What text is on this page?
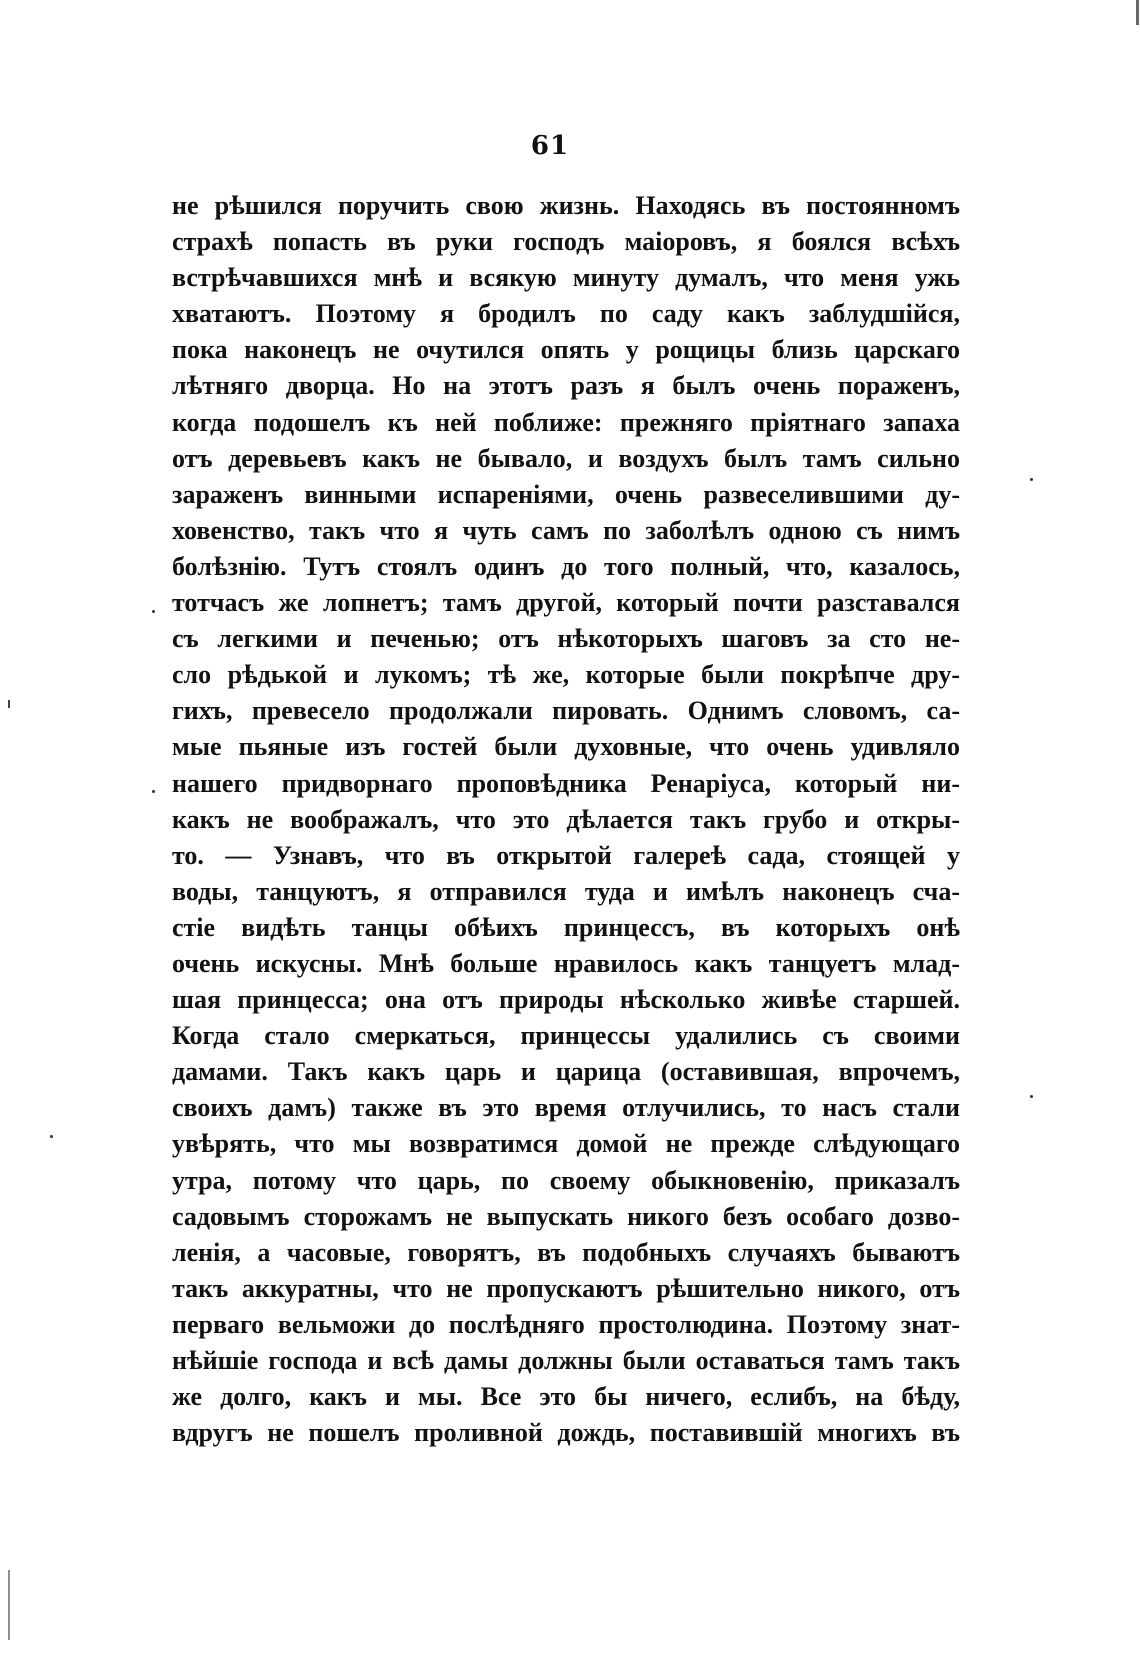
61
не рѣшился поручить свою жизнь. Находясь въ постоянномъ
страхѣ попасть въ руки господъ маіоровъ, я боялся всѣхъ
встрѣчавшихся мнѣ и всякую минуту думалъ, что меня ужь
хватаютъ. Поэтому я бродилъ по саду какъ заблудшійся,
пока наконецъ не очутился опять у рощицы близь царскаго
лѣтняго дворца. Но на этотъ разъ я былъ очень пораженъ,
когда подошелъ къ ней поближе: прежняго пріятнаго запаха
отъ деревьевъ какъ не бывало, и воздухъ былъ тамъ сильно
зараженъ винными испареніями, очень развеселившими ду-
ховенство, такъ что я чуть самъ по заболѣлъ одною съ нимъ
болѣзнію. Тутъ стоялъ одинъ до того полный, что, казалось,
тотчасъ же лопнетъ; тамъ другой, который почти разставался
съ легкими и печенью; отъ нѣкоторыхъ шаговъ за сто не-
сло рѣдькой и лукомъ; тѣ же, которые были покрѣпче дру-
гихъ, превесело продолжали пировать. Однимъ словомъ, са-
мые пьяные изъ гостей были духовные, что очень удивляло
нашего придворнаго проповѣдника Ренаріуса, который ни-
какъ не воображалъ, что это дѣлается такъ грубо и откры-
то. — Узнавъ, что въ открытой галереѣ сада, стоящей у
воды, танцуютъ, я отправился туда и имѣлъ наконецъ сча-
стіе видѣть танцы обѣихъ принцессъ, въ которыхъ онѣ
очень искусны. Мнѣ больше нравилось какъ танцуетъ млад-
шая принцесса; она отъ природы нѣсколько живѣе старшей.
Когда стало смеркаться, принцессы удалились съ своими
дамами. Такъ какъ царь и царица (оставившая, впрочемъ,
своихъ дамъ) также въ это время отлучились, то насъ стали
увѣрять, что мы возвратимся домой не прежде слѣдующаго
утра, потому что царь, по своему обыкновенію, приказалъ
садовымъ сторожамъ не выпускать никого безъ особаго дозво-
ленія, а часовые, говорятъ, въ подобныхъ случаяхъ бываютъ
такъ аккуратны, что не пропускаютъ рѣшительно никого, отъ
перваго вельможи до послѣдняго простолюдина. Поэтому знат-
нѣйшіе господа и всѣ дамы должны были оставаться тамъ такъ
же долго, какъ и мы. Все это бы ничего, еслибъ, на бѣду,
вдругъ не пошелъ проливной дождь, поставившій многихъ въ
